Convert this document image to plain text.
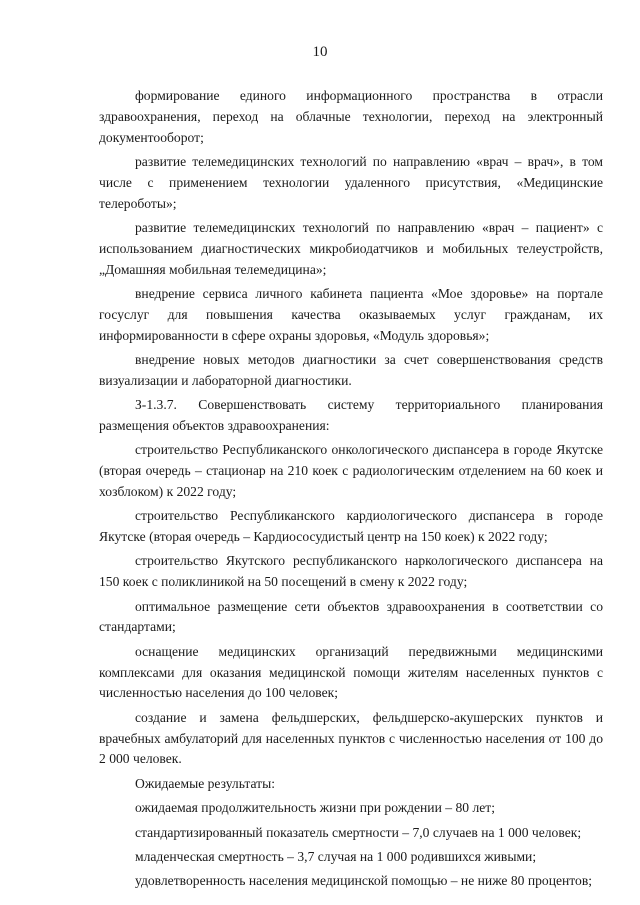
10

формирование единого информационного пространства в отрасли здравоохранения, переход на облачные технологии, переход на электронный документооборот;

развитие телемедицинских технологий по направлению «врач – врач», в том числе с применением технологии удаленного присутствия, «Медицинские телероботы»;

развитие телемедицинских технологий по направлению «врач – пациент» с использованием диагностических микробиодатчиков и мобильных телеустройств, „Домашняя мобильная телемедицина»;

внедрение сервиса личного кабинета пациента «Мое здоровье» на портале госуслуг для повышения качества оказываемых услуг гражданам, их информированности в сфере охраны здоровья, «Модуль здоровья»;

внедрение новых методов диагностики за счет совершенствования средств визуализации и лабораторной диагностики.

З-1.3.7. Совершенствовать систему территориального планирования размещения объектов здравоохранения:

строительство Республиканского онкологического диспансера в городе Якутске (вторая очередь – стационар на 210 коек с радиологическим отделением на 60 коек и хозблоком) к 2022 году;

строительство Республиканского кардиологического диспансера в городе Якутске (вторая очередь – Кардиососудистый центр на 150 коек) к 2022 году;

строительство Якутского республиканского наркологического диспансера на 150 коек с поликлиникой на 50 посещений в смену к 2022 году;

оптимальное размещение сети объектов здравоохранения в соответствии со стандартами;

оснащение медицинских организаций передвижными медицинскими комплексами для оказания медицинской помощи жителям населенных пунктов с численностью населения до 100 человек;

создание и замена фельдшерских, фельдшерско-акушерских пунктов и врачебных амбулаторий для населенных пунктов с численностью населения от 100 до 2 000 человек.

Ожидаемые результаты:

ожидаемая продолжительность жизни при рождении – 80 лет;

стандартизированный показатель смертности – 7,0 случаев на 1 000 человек;

младенческая смертность – 3,7 случая на 1 000 родившихся живыми;

удовлетворенность населения медицинской помощью – не ниже 80 процентов;
